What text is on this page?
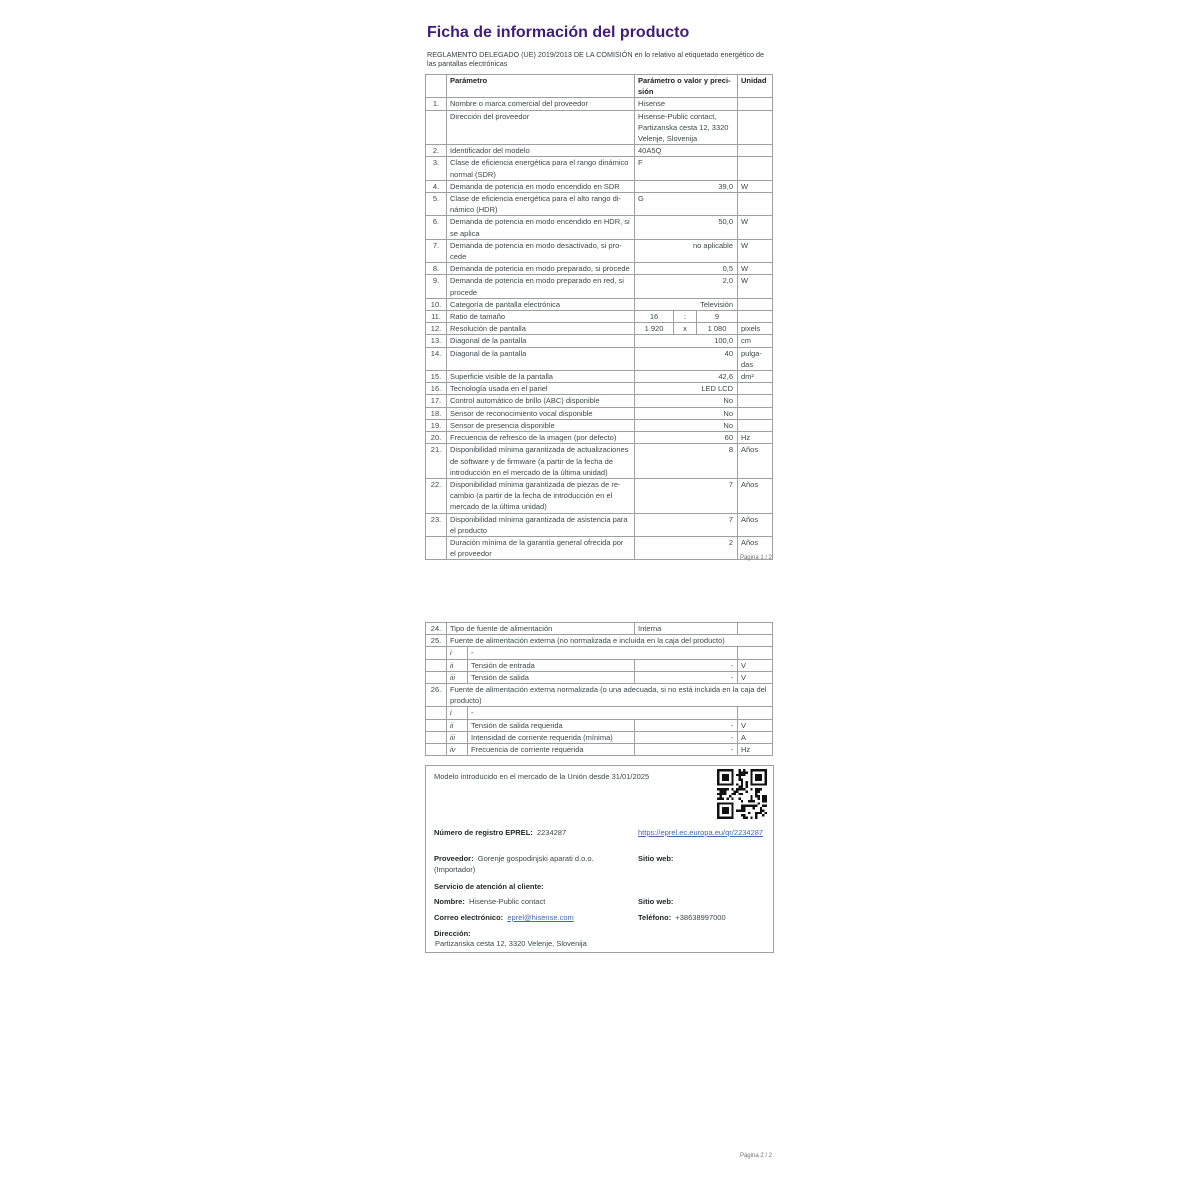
Ficha de información del producto
REGLAMENTO DELEGADO (UE) 2019/2013 DE LA COMISIÓN en lo relativo al etiquetado energético de las pantallas electrónicas
	Parámetro	Parámetro o valor y precisión	Unidad
1.	Nombre o marca comercial del proveedor	Hisense	
	Dirección del proveedor	Hisense-Public contact, Partizanska cesta 12, 3320 Velenje, Slovenija	
2.	Identificador del modelo	40A5Q	
3.	Clase de eficiencia energética para el rango dinámico normal (SDR)	F	
4.	Demanda de potencia en modo encendido en SDR	39,0	W
5.	Clase de eficiencia energética para el alto rango dinámico (HDR)	G	
6.	Demanda de potencia en modo encendido en HDR, si se aplica	50,0	W
7.	Demanda de potencia en modo desactivado, si procede	no aplicable	W
8.	Demanda de potencia en modo preparado, si procede	0,5	W
9.	Demanda de potencia en modo preparado en red, si procede	2,0	W
10.	Categoría de pantalla electrónica	Televisión	
11.	Ratio de tamaño	16 : 9	

12.	Resolución de pantalla	1 920 x 1 080	pixels
13.	Diagonal de la pantalla	100,0	cm
14.	Diagonal de la pantalla	40	pulgadas
15.	Superficie visible de la pantalla	42,6	dm²
16.	Tecnología usada en el panel	LED LCD	
17.	Control automático de brillo (ABC) disponible	No	
18.	Sensor de reconocimiento vocal disponible	No	
19.	Sensor de presencia disponible	No	
20.	Frecuencia de refresco de la imagen (por defecto)	60	Hz
21.	Disponibilidad mínima garantizada de actualizaciones de software y de firmware (a partir de la fecha de introducción en el mercado de la última unidad)	8	Años
22.	Disponibilidad mínima garantizada de piezas de recambio (a partir de la fecha de introducción en el mercado de la última unidad)	7	Años
23.	Disponibilidad mínima garantizada de asistencia para el producto	7	Años
	Duración mínima de la garantía general ofrecida por el proveedor	2	Años
Página 1 / 2
24.	Tipo de fuente de alimentación		Interna	
25.	Fuente de alimentación externa (no normalizada e incluida en la caja del producto)			
	i	-		
	ii	Tensión de entrada	-	V
	iii	Tensión de salida	-	V
26.	Fuente de alimentación externa normalizada (o una adecuada, si no está incluida en la caja del producto)			
	i	-		
	ii	Tensión de salida requerida	-	V
	iii	Intensidad de corriente requerida (mínima)	-	A
	iv	Frecuencia de corriente requerida	-	Hz
Modelo introducido en el mercado de la Unión desde 31/01/2025
Número de registro EPREL: 2234287	https://eprel.ec.europa.eu/qr/2234287
Proveedor: Gorenje gospodinjski aparati d.o.o. (Importador)
Sitio web:
Servicio de atención al cliente:
Nombre: Hisense-Public contact	Sitio web:
Correo electrónico: eprel@hisense.com	Teléfono: +38638997000
Dirección:
Partizanska cesta 12, 3320 Velenje, Slovenija
Página 2 / 2
